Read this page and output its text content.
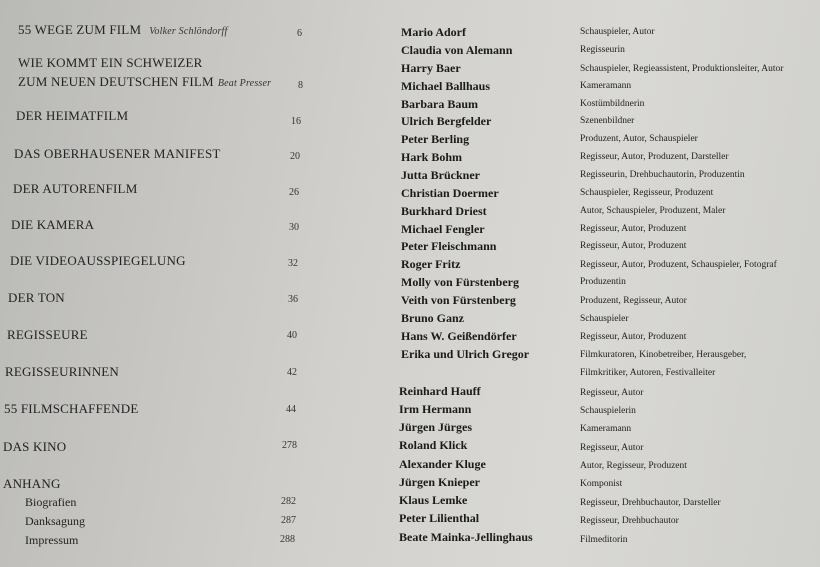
55 WEGE ZUM FILM Volker Schlöndorff	6
WIE KOMMT EIN SCHWEIZER
ZUM NEUEN DEUTSCHEN FILM Beat Presser	8
DER HEIMATFILM	16
DAS OBERHAUSENER MANIFEST	20
DER AUTORENFILM	26
DIE KAMERA	30
DIE VIDEOAUSSPIEGELUNG	32
DER TON	36
REGISSEURE	40
REGISSEURINNEN	42
55 FILMSCHAFFENDE	44
DAS KINO	278
ANHANG
Biografien	282
Danksagung	287
Impressum	288
Mario Adorf	Schauspieler, Autor
Claudia von Alemann	Regisseurin
Harry Baer	Schauspieler, Regieassistent, Produktionsleiter, Autor
Michael Ballhaus	Kameramann
Barbara Baum	Kostümbildnerin
Ulrich Bergfelder	Szenenbildner
Peter Berling	Produzent, Autor, Schauspieler
Hark Bohm	Regisseur, Autor, Produzent, Darsteller
Jutta Brückner	Regisseurin, Drehbuchautorin, Produzentin
Christian Doermer	Schauspieler, Regisseur, Produzent
Burkhard Driest	Autor, Schauspieler, Produzent, Maler
Michael Fengler	Regisseur, Autor, Produzent
Peter Fleischmann	Regisseur, Autor, Produzent
Roger Fritz	Regisseur, Autor, Produzent, Schauspieler, Fotograf
Molly von Fürstenberg	Produzentin
Veith von Fürstenberg	Produzent, Regisseur, Autor
Bruno Ganz	Schauspieler
Hans W. Geißendörfer	Regisseur, Autor, Produzent
Erika und Ulrich Gregor	Filmkuratoren, Kinobetreiber, Herausgeber,
Filmkritiker, Autoren, Festivalleiter
Reinhard Hauff	Regisseur, Autor
Irm Hermann	Schauspielerin
Jürgen Jürges	Kameramann
Roland Klick	Regisseur, Autor
Alexander Kluge	Autor, Regisseur, Produzent
Jürgen Knieper	Komponist
Klaus Lemke	Regisseur, Drehbuchautor, Darsteller
Peter Lilienthal	Regisseur, Drehbuchautor
Beate Mainka-Jellinghaus	Filmeditorin
